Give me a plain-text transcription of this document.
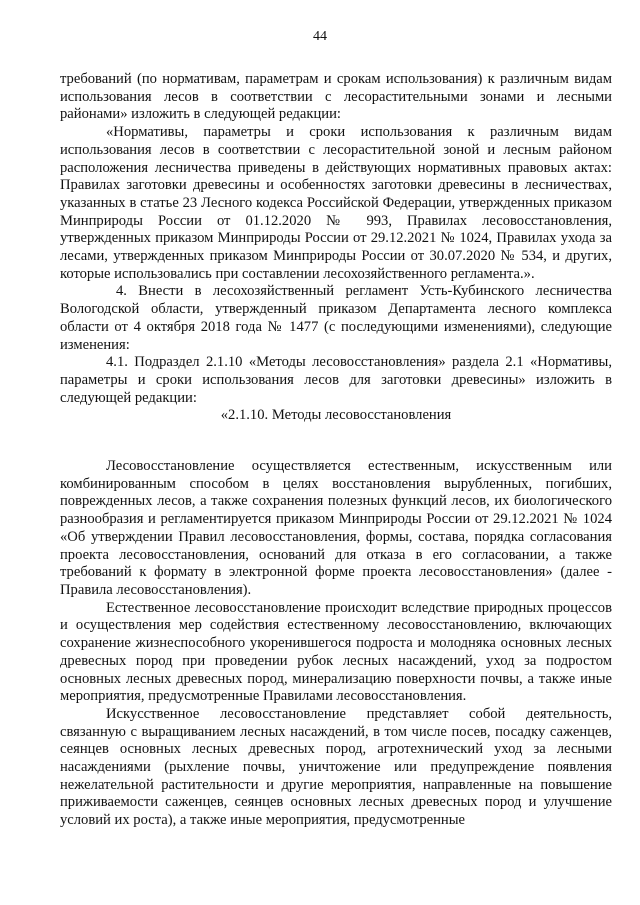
44

требований (по нормативам, параметрам и срокам использования) к различным видам использования лесов в соответствии с лесорастительными зонами и лесными районами» изложить в следующей редакции:

«Нормативы, параметры и сроки использования к различным видам использования лесов в соответствии с лесорастительной зоной и лесным районом расположения лесничества приведены в действующих нормативных правовых актах: Правилах заготовки древесины и особенностях заготовки древесины в лесничествах, указанных в статье 23 Лесного кодекса Российской Федерации, утвержденных приказом Минприроды России от 01.12.2020 № 993, Правилах лесовосстановления, утвержденных приказом Минприроды России от 29.12.2021 № 1024, Правилах ухода за лесами, утвержденных приказом Минприроды России от 30.07.2020 № 534, и других, которые использовались при составлении лесохозяйственного регламента.».

4. Внести в лесохозяйственный регламент Усть-Кубинского лесничества Вологодской области, утвержденный приказом Департамента лесного комплекса области от 4 октября 2018 года № 1477 (с последующими изменениями), следующие изменения:

4.1. Подраздел 2.1.10 «Методы лесовосстановления» раздела 2.1 «Нормативы, параметры и сроки использования лесов для заготовки древесины» изложить в следующей редакции:

«2.1.10. Методы лесовосстановления

Лесовосстановление осуществляется естественным, искусственным или комбинированным способом в целях восстановления вырубленных, погибших, поврежденных лесов, а также сохранения полезных функций лесов, их биологического разнообразия и регламентируется приказом Минприроды России от 29.12.2021 № 1024 «Об утверждении Правил лесовосстановления, формы, состава, порядка согласования проекта лесовосстановления, оснований для отказа в его согласовании, а также требований к формату в электронной форме проекта лесовосстановления» (далее - Правила лесовосстановления).

Естественное лесовосстановление происходит вследствие природных процессов и осуществления мер содействия естественному лесовосстановлению, включающих сохранение жизнеспособного укоренившегося подроста и молодняка основных лесных древесных пород при проведении рубок лесных насаждений, уход за подростом основных лесных древесных пород, минерализацию поверхности почвы, а также иные мероприятия, предусмотренные Правилами лесовосстановления.

Искусственное лесовосстановление представляет собой деятельность, связанную с выращиванием лесных насаждений, в том числе посев, посадку саженцев, сеянцев основных лесных древесных пород, агротехнический уход за лесными насаждениями (рыхление почвы, уничтожение или предупреждение появления нежелательной растительности и другие мероприятия, направленные на повышение приживаемости саженцев, сеянцев основных лесных древесных пород и улучшение условий их роста), а также иные мероприятия, предусмотренные
